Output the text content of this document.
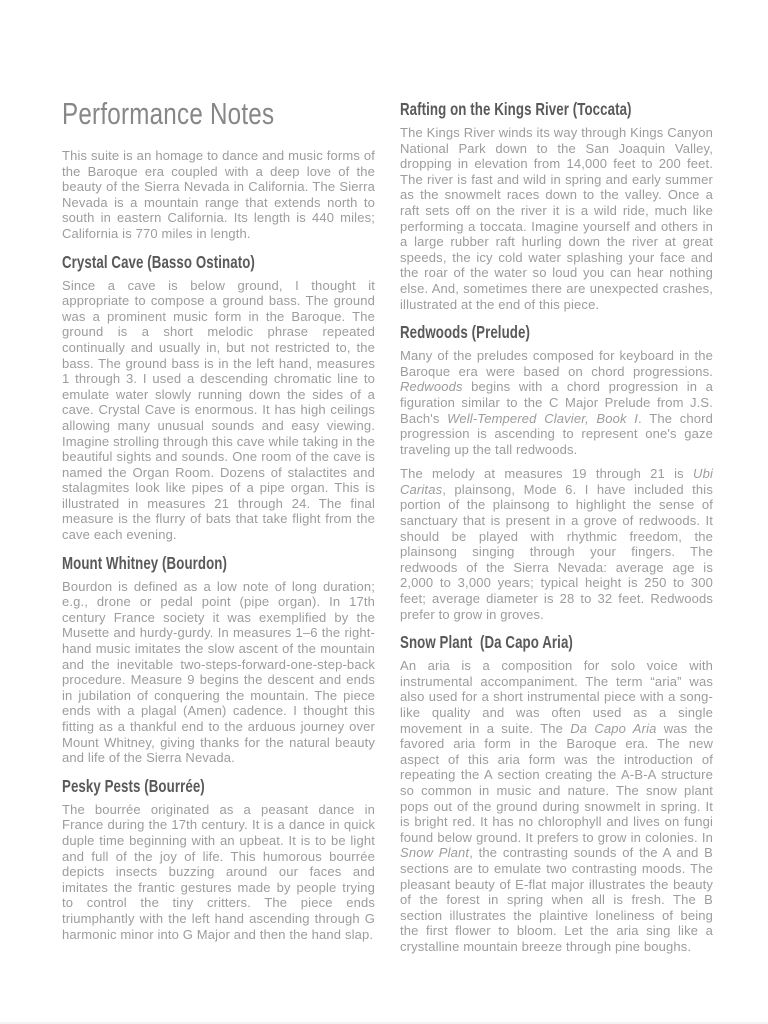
Performance Notes

This suite is an homage to dance and music forms of the Baroque era coupled with a deep love of the beauty of the Sierra Nevada in California. The Sierra Nevada is a mountain range that extends north to south in eastern California. Its length is 440 miles; California is 770 miles in length.

Crystal Cave (Basso Ostinato)

Since a cave is below ground, I thought it appropriate to compose a ground bass. The ground was a prominent music form in the Baroque. The ground is a short melodic phrase repeated continually and usually in, but not restricted to, the bass. The ground bass is in the left hand, measures 1 through 3. I used a descending chromatic line to emulate water slowly running down the sides of a cave. Crystal Cave is enormous. It has high ceilings allowing many unusual sounds and easy viewing. Imagine strolling through this cave while taking in the beautiful sights and sounds. One room of the cave is named the Organ Room. Dozens of stalactites and stalagmites look like pipes of a pipe organ. This is illustrated in measures 21 through 24. The final measure is the flurry of bats that take flight from the cave each evening.

Mount Whitney (Bourdon)

Bourdon is defined as a low note of long duration; e.g., drone or pedal point (pipe organ). In 17th century France society it was exemplified by the Musette and hurdy-gurdy. In measures 1–6 the right-hand music imitates the slow ascent of the mountain and the inevitable two-steps-forward-one-step-back procedure. Measure 9 begins the descent and ends in jubilation of conquering the mountain. The piece ends with a plagal (Amen) cadence. I thought this fitting as a thankful end to the arduous journey over Mount Whitney, giving thanks for the natural beauty and life of the Sierra Nevada.

Pesky Pests (Bourrée)

The bourrée originated as a peasant dance in France during the 17th century. It is a dance in quick duple time beginning with an upbeat. It is to be light and full of the joy of life. This humorous bourrée depicts insects buzzing around our faces and imitates the frantic gestures made by people trying to control the tiny critters. The piece ends triumphantly with the left hand ascending through G harmonic minor into G Major and then the hand slap.

Rafting on the Kings River (Toccata)

The Kings River winds its way through Kings Canyon National Park down to the San Joaquin Valley, dropping in elevation from 14,000 feet to 200 feet. The river is fast and wild in spring and early summer as the snowmelt races down to the valley. Once a raft sets off on the river it is a wild ride, much like performing a toccata. Imagine yourself and others in a large rubber raft hurling down the river at great speeds, the icy cold water splashing your face and the roar of the water so loud you can hear nothing else. And, sometimes there are unexpected crashes, illustrated at the end of this piece.

Redwoods (Prelude)

Many of the preludes composed for keyboard in the Baroque era were based on chord progressions. Redwoods begins with a chord progression in a figuration similar to the C Major Prelude from J.S. Bach's Well-Tempered Clavier, Book I. The chord progression is ascending to represent one's gaze traveling up the tall redwoods.

The melody at measures 19 through 21 is Ubi Caritas, plainsong, Mode 6. I have included this portion of the plainsong to highlight the sense of sanctuary that is present in a grove of redwoods. It should be played with rhythmic freedom, the plainsong singing through your fingers. The redwoods of the Sierra Nevada: average age is 2,000 to 3,000 years; typical height is 250 to 300 feet; average diameter is 28 to 32 feet. Redwoods prefer to grow in groves.

Snow Plant  (Da Capo Aria)

An aria is a composition for solo voice with instrumental accompaniment. The term “aria” was also used for a short instrumental piece with a song-like quality and was often used as a single movement in a suite. The Da Capo Aria was the favored aria form in the Baroque era. The new aspect of this aria form was the introduction of repeating the A section creating the A-B-A structure so common in music and nature. The snow plant pops out of the ground during snowmelt in spring. It is bright red. It has no chlorophyll and lives on fungi found below ground. It prefers to grow in colonies. In Snow Plant, the contrasting sounds of the A and B sections are to emulate two contrasting moods. The pleasant beauty of E-flat major illustrates the beauty of the forest in spring when all is fresh. The B section illustrates the plaintive loneliness of being the first flower to bloom. Let the aria sing like a crystalline mountain breeze through pine boughs.
